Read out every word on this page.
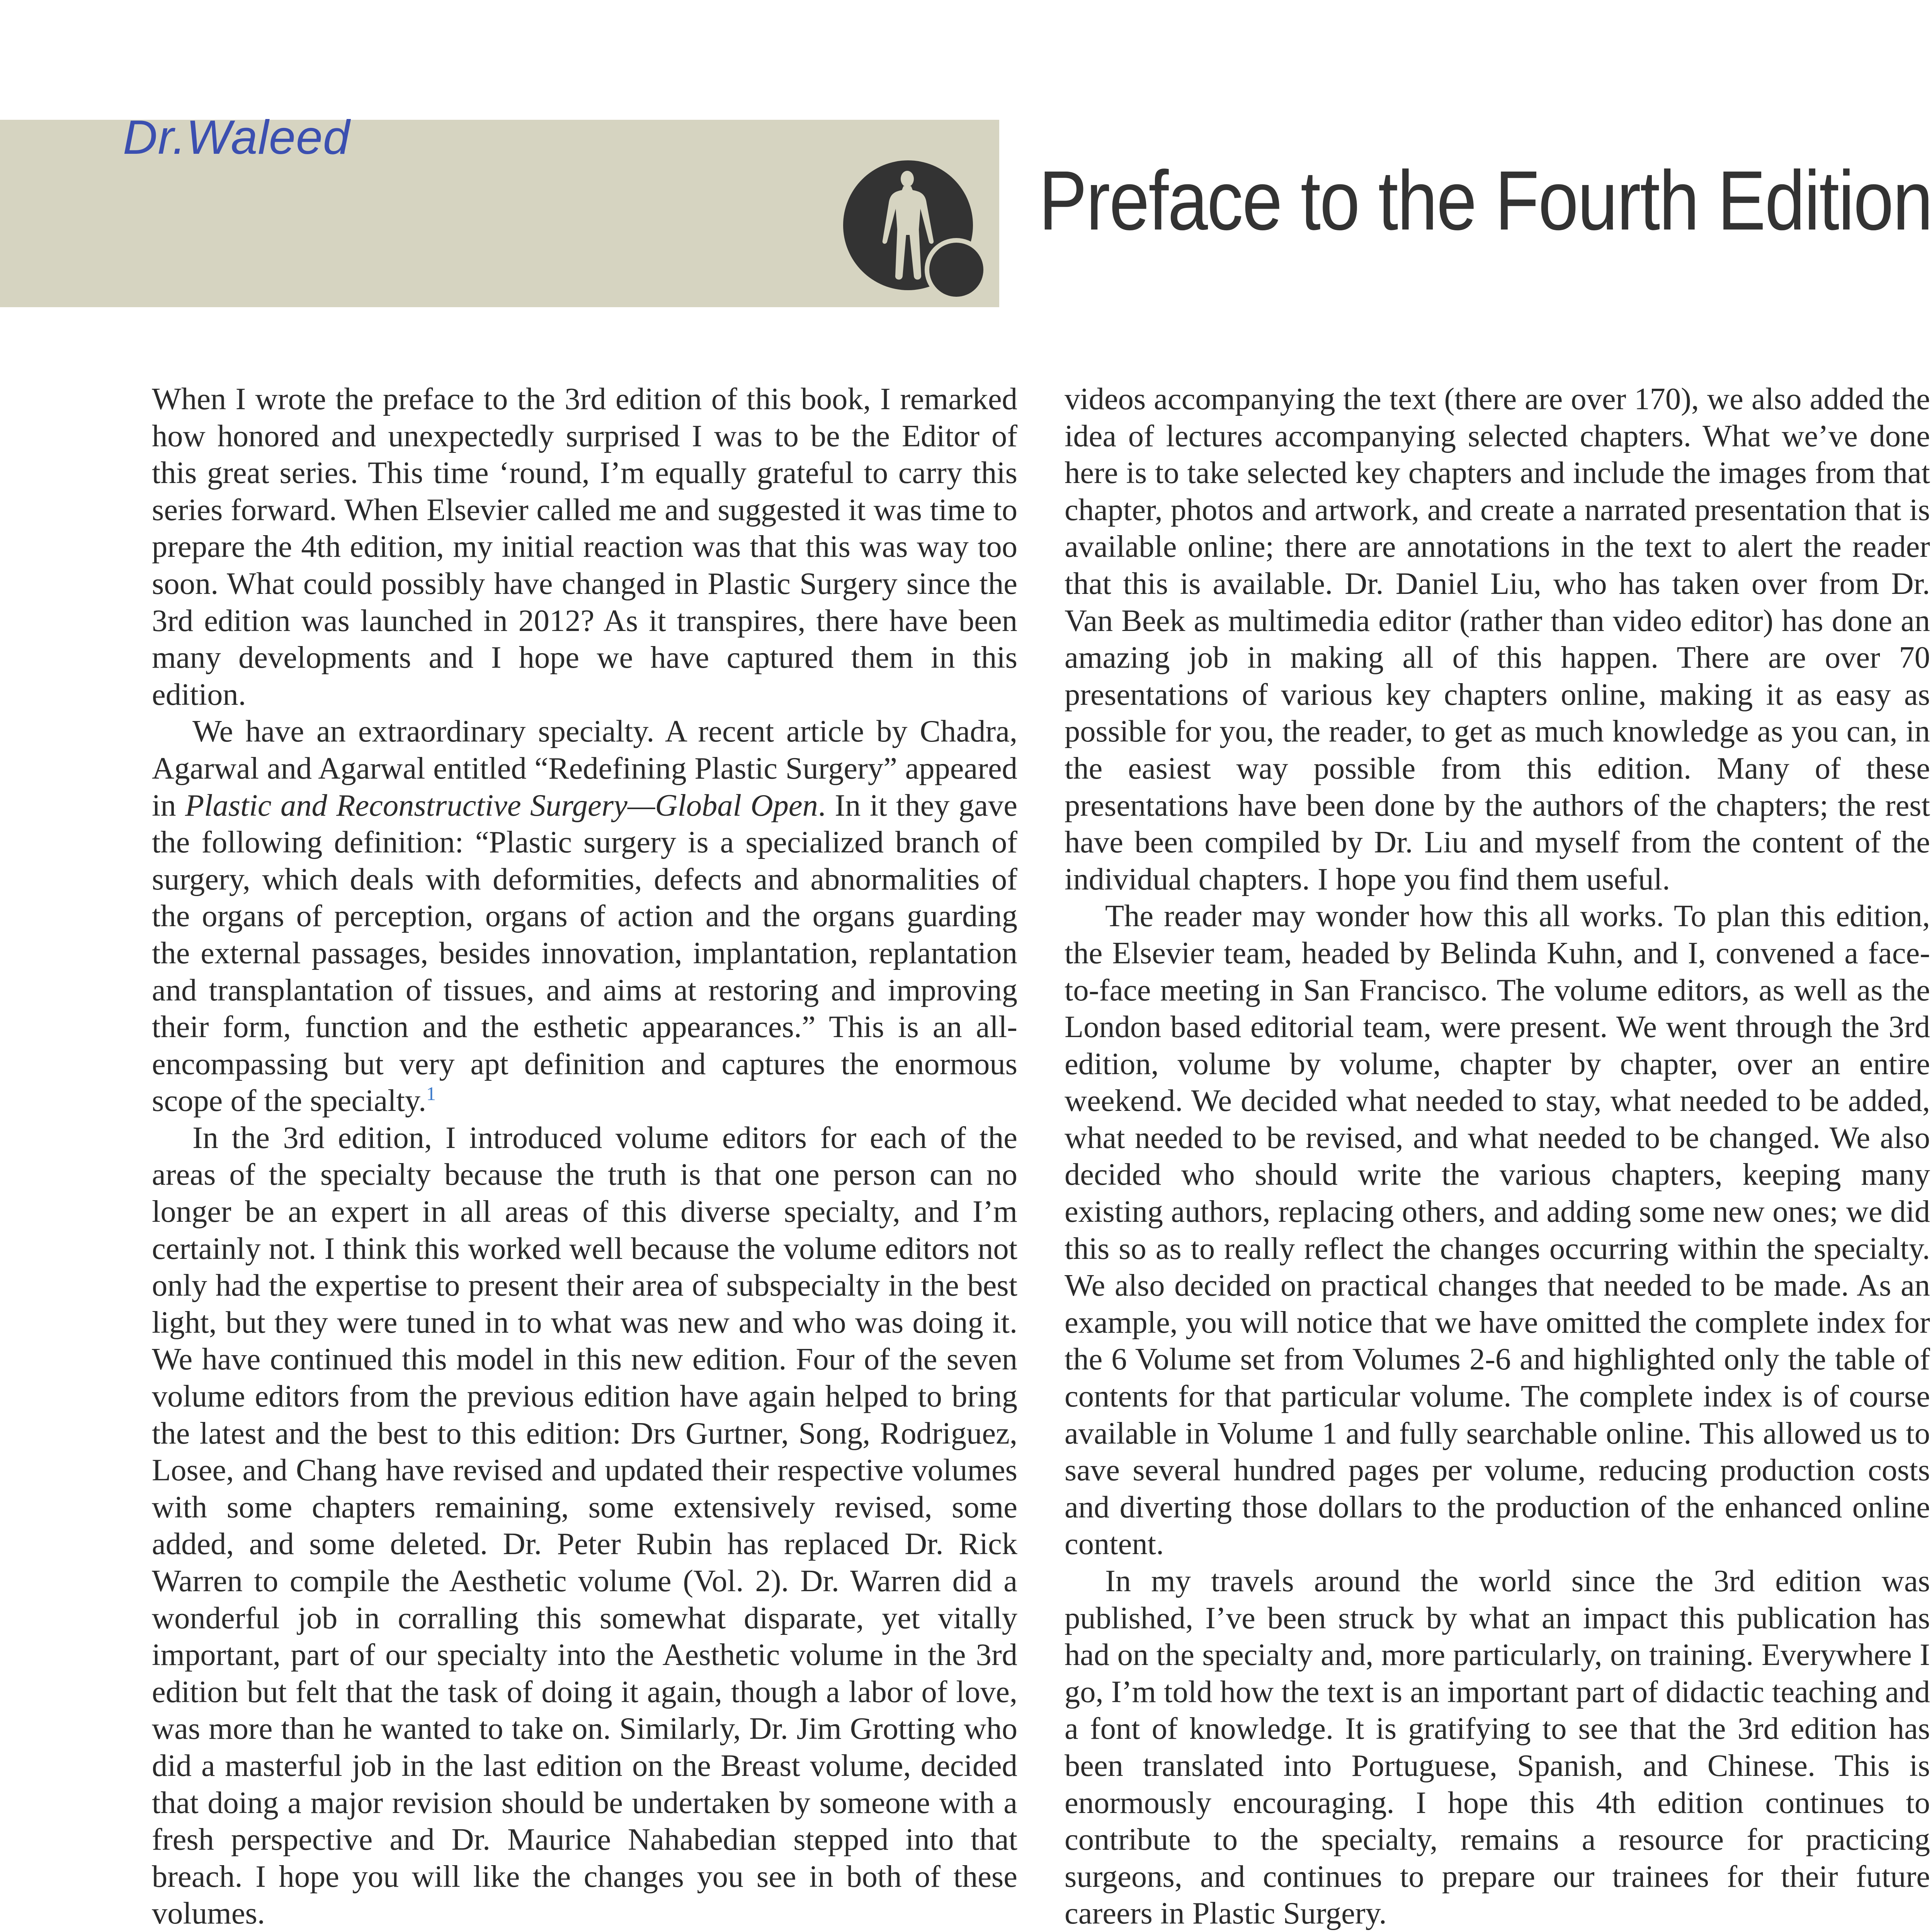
Dr.Waleed
Preface to the Fourth Edition

When I wrote the preface to the 3rd edition of this book, I remarked how honored and unexpectedly surprised I was to be the Editor of this great series. This time ‘round, I’m equally grateful to carry this series forward. When Elsevier called me and suggested it was time to prepare the 4th edition, my initial reaction was that this was way too soon. What could possibly have changed in Plastic Surgery since the 3rd edition was launched in 2012? As it transpires, there have been many developments and I hope we have captured them in this edition.

We have an extraordinary specialty. A recent article by Chadra, Agarwal and Agarwal entitled “Redefining Plastic Surgery” appeared in Plastic and Reconstructive Surgery—Global Open. In it they gave the following definition: “Plastic surgery is a specialized branch of surgery, which deals with deformities, defects and abnormalities of the organs of perception, organs of action and the organs guarding the external passages, besides innovation, implantation, replantation and transplantation of tissues, and aims at restoring and improving their form, function and the esthetic appearances.” This is an all-encompassing but very apt definition and captures the enormous scope of the specialty.$^1$

In the 3rd edition, I introduced volume editors for each of the areas of the specialty because the truth is that one person can no longer be an expert in all areas of this diverse specialty, and I’m certainly not. I think this worked well because the volume editors not only had the expertise to present their area of subspecialty in the best light, but they were tuned in to what was new and who was doing it. We have continued this model in this new edition. Four of the seven volume editors from the previous edition have again helped to bring the latest and the best to this edition: Drs Gurtner, Song, Rodriguez, Losee, and Chang have revised and updated their respective volumes with some chapters remaining, some extensively revised, some added, and some deleted. Dr. Peter Rubin has replaced Dr. Rick Warren to compile the Aesthetic volume (Vol. 2). Dr. Warren did a wonderful job in corralling this somewhat disparate, yet vitally important, part of our specialty into the Aesthetic volume in the 3rd edition but felt that the task of doing it again, though a labor of love, was more than he wanted to take on. Similarly, Dr. Jim Grotting who did a masterful job in the last edition on the Breast volume, decided that doing a major revision should be undertaken by someone with a fresh perspective and Dr. Maurice Nahabedian stepped into that breach. I hope you will like the changes you see in both of these volumes.

videos accompanying the text (there are over 170), we also added the idea of lectures accompanying selected chapters. What we’ve done here is to take selected key chapters and include the images from that chapter, photos and artwork, and create a narrated presentation that is available online; there are annotations in the text to alert the reader that this is available. Dr. Daniel Liu, who has taken over from Dr. Van Beek as multimedia editor (rather than video editor) has done an amazing job in making all of this happen. There are over 70 presentations of various key chapters online, making it as easy as possible for you, the reader, to get as much knowledge as you can, in the easiest way possible from this edition. Many of these presentations have been done by the authors of the chapters; the rest have been compiled by Dr. Liu and myself from the content of the individual chapters. I hope you find them useful.

The reader may wonder how this all works. To plan this edition, the Elsevier team, headed by Belinda Kuhn, and I, convened a face-to-face meeting in San Francisco. The volume editors, as well as the London based editorial team, were present. We went through the 3rd edition, volume by volume, chapter by chapter, over an entire weekend. We decided what needed to stay, what needed to be added, what needed to be revised, and what needed to be changed. We also decided who should write the various chapters, keeping many existing authors, replacing others, and adding some new ones; we did this so as to really reflect the changes occurring within the specialty. We also decided on practical changes that needed to be made. As an example, you will notice that we have omitted the complete index for the 6 Volume set from Volumes 2-6 and highlighted only the table of contents for that particular volume. The complete index is of course available in Volume 1 and fully searchable online. This allowed us to save several hundred pages per volume, reducing production costs and diverting those dollars to the production of the enhanced online content.

In my travels around the world since the 3rd edition was published, I’ve been struck by what an impact this publication has had on the specialty and, more particularly, on training. Everywhere I go, I’m told how the text is an important part of didactic teaching and a font of knowledge. It is gratifying to see that the 3rd edition has been translated into Portuguese, Spanish, and Chinese. This is enormously encouraging. I hope this 4th edition continues to contribute to the specialty, remains a resource for practicing surgeons, and continues to prepare our trainees for their future careers in Plastic Surgery.
